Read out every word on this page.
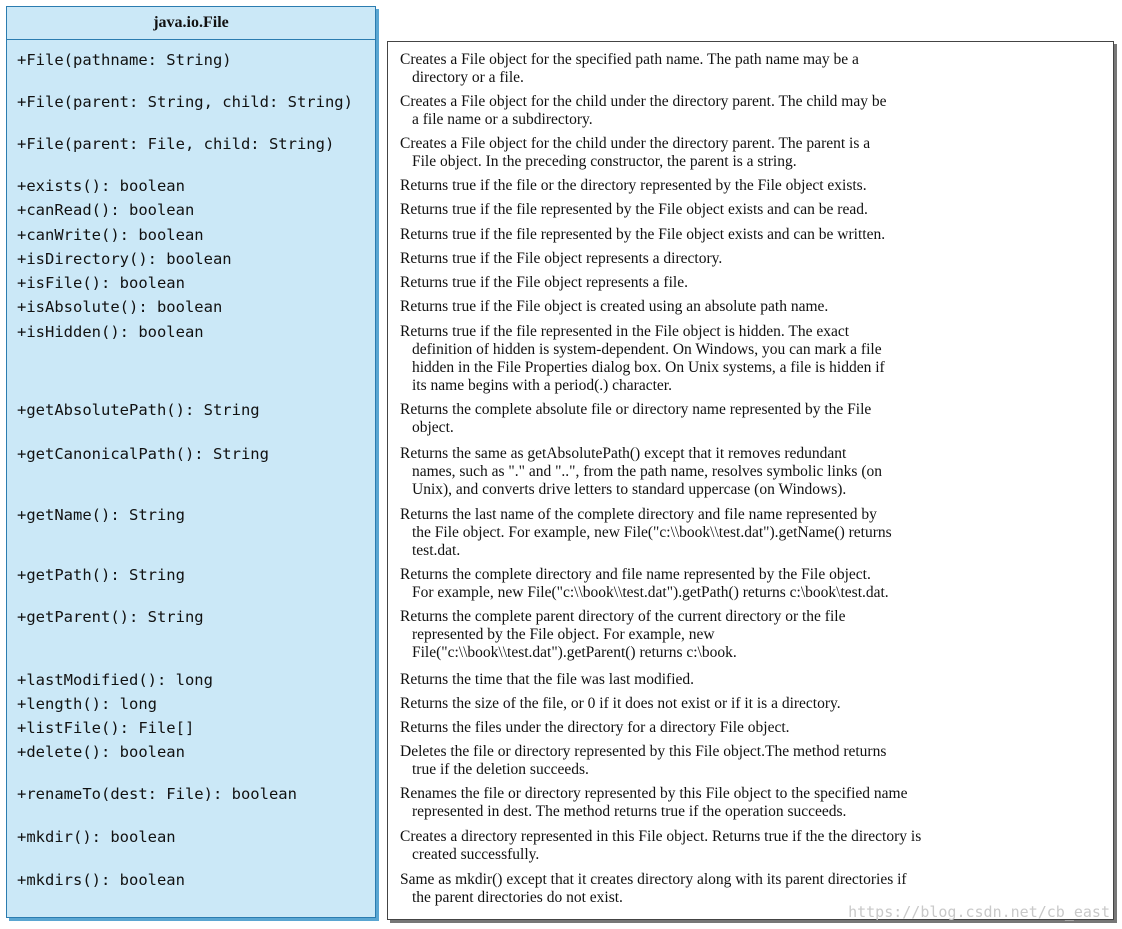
java.io.File
+File(pathname: String)	Creates a File object for the specified path name. The path name may be a
directory or a file.
+File(parent: String, child: String)	Creates a File object for the child under the directory parent. The child may be
a file name or a subdirectory.
+File(parent: File, child: String)	Creates a File object for the child under the directory parent. The parent is a
File object. In the preceding constructor, the parent is a string.
+exists(): boolean	Returns true if the file or the directory represented by the File object exists.
+canRead(): boolean	Returns true if the file represented by the File object exists and can be read.
+canWrite(): boolean	Returns true if the file represented by the File object exists and can be written.
+isDirectory(): boolean	Returns true if the File object represents a directory.
+isFile(): boolean	Returns true if the File object represents a file.
+isAbsolute(): boolean	Returns true if the File object is created using an absolute path name.
+isHidden(): boolean	Returns true if the file represented in the File object is hidden. The exact
definition of hidden is system-dependent. On Windows, you can mark a file
hidden in the File Properties dialog box. On Unix systems, a file is hidden if
its name begins with a period(.) character.
+getAbsolutePath(): String	Returns the complete absolute file or directory name represented by the File
object.
+getCanonicalPath(): String	Returns the same as getAbsolutePath() except that it removes redundant
names, such as "." and "..", from the path name, resolves symbolic links (on
Unix), and converts drive letters to standard uppercase (on Windows).
+getName(): String	Returns the last name of the complete directory and file name represented by
the File object. For example, new File("c:\\book\\test.dat").getName() returns
test.dat.
+getPath(): String	Returns the complete directory and file name represented by the File object.
For example, new File("c:\\book\\test.dat").getPath() returns c:\book\test.dat.
+getParent(): String	Returns the complete parent directory of the current directory or the file
represented by the File object. For example, new
File("c:\\book\\test.dat").getParent() returns c:\book.
+lastModified(): long	Returns the time that the file was last modified.
+length(): long	Returns the size of the file, or 0 if it does not exist or if it is a directory.
+listFile(): File[]	Returns the files under the directory for a directory File object.
+delete(): boolean	Deletes the file or directory represented by this File object.The method returns
true if the deletion succeeds.
+renameTo(dest: File): boolean	Renames the file or directory represented by this File object to the specified name
represented in dest. The method returns true if the operation succeeds.
+mkdir(): boolean	Creates a directory represented in this File object. Returns true if the the directory is
created successfully.
+mkdirs(): boolean	Same as mkdir() except that it creates directory along with its parent directories if
the parent directories do not exist.
https://blog.csdn.net/cb_east
